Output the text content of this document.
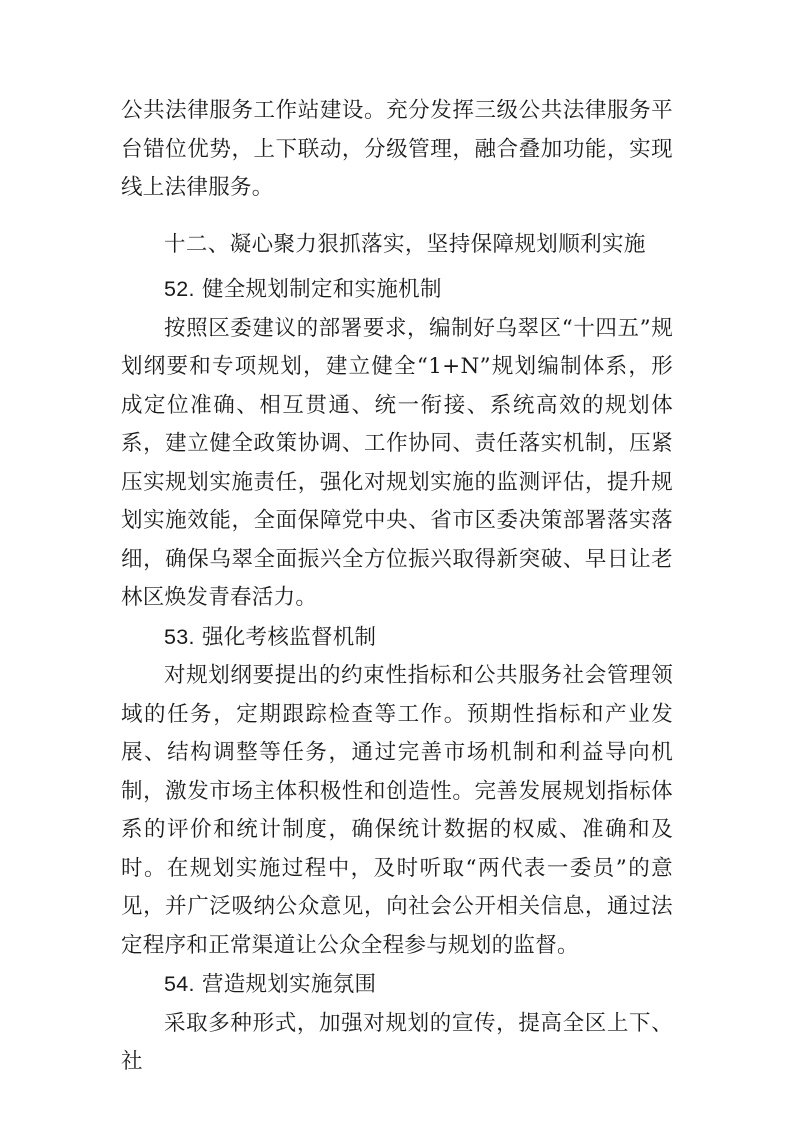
公共法律服务工作站建设。充分发挥三级公共法律服务平台错位优势，上下联动，分级管理，融合叠加功能，实现线上法律服务。

十二、凝心聚力狠抓落实，坚持保障规划顺利实施
52. 健全规划制定和实施机制

按照区委建议的部署要求，编制好乌翠区“十四五”规划纲要和专项规划，建立健全“1+N”规划编制体系，形成定位准确、相互贯通、统一衔接、系统高效的规划体系，建立健全政策协调、工作协同、责任落实机制，压紧压实规划实施责任，强化对规划实施的监测评估，提升规划实施效能，全面保障党中央、省市区委决策部署落实落细，确保乌翠全面振兴全方位振兴取得新突破、早日让老林区焕发青春活力。

53. 强化考核监督机制

对规划纲要提出的约束性指标和公共服务社会管理领域的任务，定期跟踪检查等工作。预期性指标和产业发展、结构调整等任务，通过完善市场机制和利益导向机制，激发市场主体积极性和创造性。完善发展规划指标体系的评价和统计制度，确保统计数据的权威、准确和及时。在规划实施过程中，及时听取“两代表一委员”的意见，并广泛吸纳公众意见，向社会公开相关信息，通过法定程序和正常渠道让公众全程参与规划的监督。

54. 营造规划实施氛围

采取多种形式，加强对规划的宣传，提高全区上下、社
